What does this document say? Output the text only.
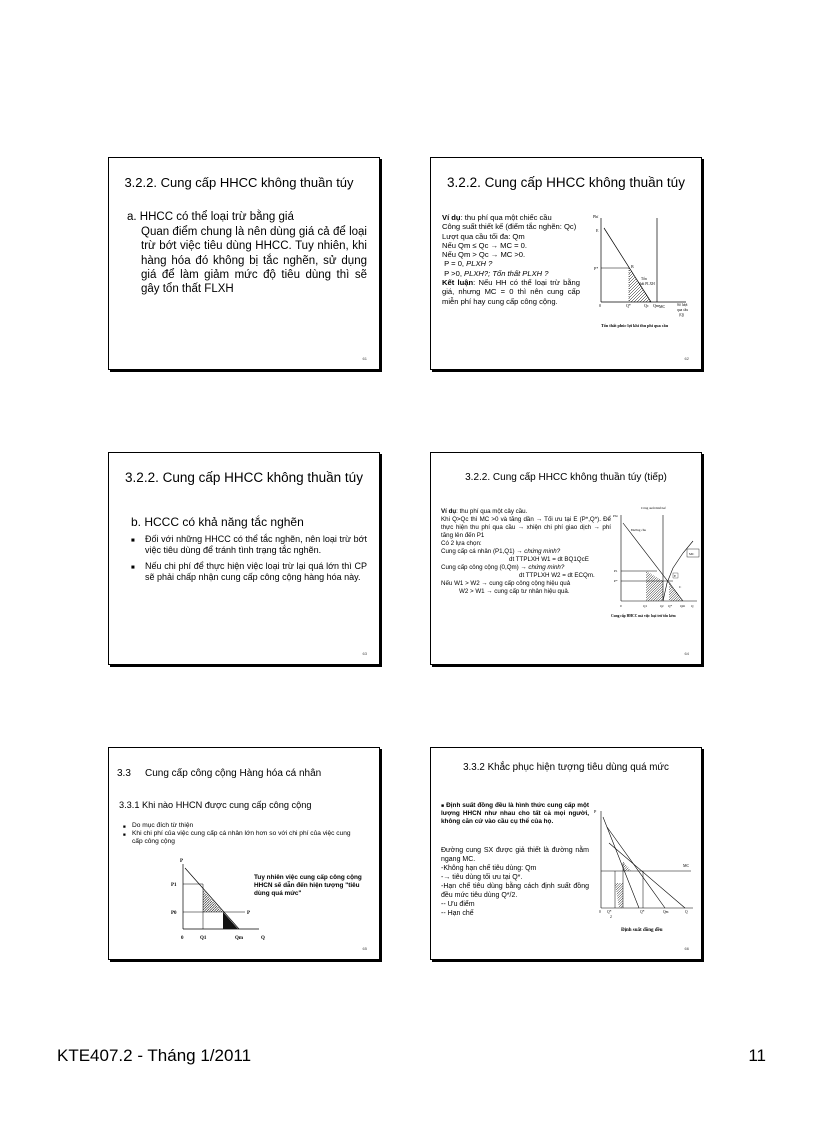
3.2.2. Cung cấp HHCC không thuần túy
a. HHCC có thể loại trừ bằng giá
Quan điểm chung là nên dùng giá cả để loại trừ bớt việc tiêu dùng HHCC. Tuy nhiên, khi hàng hóa đó không bị tắc nghẽn, sử dụng giá để làm giảm mức độ tiêu dùng thì sẽ gây tổn thất FLXH
61
3.2.2. Cung cấp HHCC không thuần túy
Ví dụ: thu phí qua một chiếc cầu
Công suất thiết kế (điểm tắc nghẽn: Qc)
Lượt qua cầu tối đa: Qm
Nếu Qm ≤ Qc → MC = 0.
Nếu Qm > Qc → MC >0.
P = 0, PLXH ?
P >0, PLXH?; Tổn thất PLXH ?
Kết luận: Nếu HH có thể loại trừ bằng giá, nhưng MC = 0 thì nên cung cấp miễn phí hay cung cấp công cộng.
Phí
E
P*	B
MC
Tổn
thất PLXH
0	Q*	Qc Qm	Số lượt
qua cầu
(Q)
Tổn thất phúc lợi khi thu phí qua cầu
62
3.2.2. Cung cấp HHCC không thuần túy
b. HCCC có khả năng tắc nghẽn
■ Đối với những HHCC có thể tắc nghẽn, nên loại trừ bớt việc tiêu dùng để tránh tình trạng tắc nghẽn.
■ Nếu chi phí để thực hiện việc loại trừ lại quá lớn thì CP sẽ phải chấp nhận cung cấp công cộng hàng hóa này.
63
3.2.2. Cung cấp HHCC không thuần túy (tiếp)
Ví dụ: thu phí qua một cây cầu.
Khi Q>Qc thì MC >0 và tăng dần → Tối ưu tại E (P*,Q*). Để thực hiện thu phí qua cầu → xhiện chi phí giao dịch → phí tăng lên đến P1
Có 2 lựa chọn:
Cung cấp cá nhân (P1,Q1) → chứng minh?
dt TTPLXH W1 = dt BQ1QcE
Cung cấp công cộng (0,Qm) → chứng minh?
dt TTPLXH W2 = dt ECQm.
Nếu W1 > W2 → cung cấp công cộng hiệu quả
W2 > W1 → cung cấp tư nhân hiệu quả.
Công suất thiết kế
Phí
Đường cầu
MC
P1
P*
E
C
0	Q1	Qc Q* Qm Q
Cung cấp HHCC mà việc loại trừ tốn kém
64
3.3 Cung cấp công cộng Hàng hóa cá nhân
3.3.1 Khi nào HHCN được cung cấp công cộng
■ Do mục đích từ thiện
■ Khi chi phí của việc cung cấp cá nhân lớn hơn so với chi phí của việc cung cấp công cộng
P
P1
P0	P
0	Q1	Qm	Q
Tuy nhiên việc cung cấp công cộng HHCN sẽ dẫn đến hiện tượng "tiêu dùng quá mức"
65
3.3.2 Khắc phục hiện tượng tiêu dùng quá mức
■ Định suất đồng đều là hình thức cung cấp một lượng HHCN như nhau cho tất cả mọi người, không căn cứ vào cầu cụ thể của họ.
Đường cung SX được giả thiết là đường nằm ngang MC.
-Không hạn chế tiêu dùng: Qm
-→ tiêu dùng tối ưu tại Q*.
-Hạn chế tiêu dùng bằng cách định suất đồng đều mức tiêu dùng Q*/2.
-- Ưu điểm
-- Hạn chế
P
MC
0 Q*
2
Q*	Qm	Q
Định suất đồng đều
66
KTE407.2 - Tháng 1/2011	11
